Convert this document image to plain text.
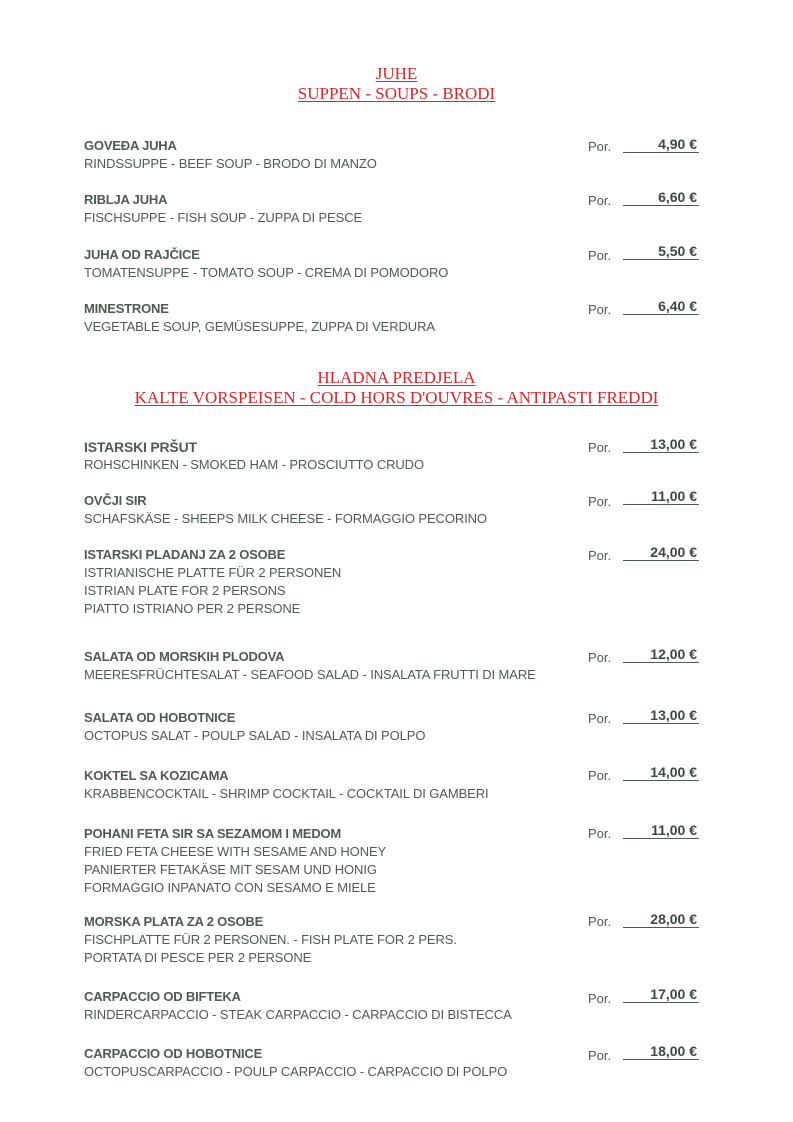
JUHE
SUPPEN - SOUPS - BRODI
GOVEĐA JUHA
RINDSSUPPE - BEEF SOUP - BRODO DI MANZO
Por.	4,90 €
RIBLJA JUHA
FISCHSUPPE - FISH SOUP - ZUPPA DI PESCE
Por.	6,60 €
JUHA OD RAJČICE
TOMATENSUPPE - TOMATO SOUP - CREMA DI POMODORO
Por.	5,50 €
MINESTRONE
VEGETABLE SOUP, GEMÜSESUPPE, ZUPPA DI VERDURA
Por.	6,40 €
HLADNA PREDJELA
KALTE VORSPEISEN - COLD HORS D'OUVRES - ANTIPASTI FREDDI
ISTARSKI PRŠUT
ROHSCHINKEN - SMOKED HAM - PROSCIUTTO CRUDO
Por.	13,00 €
OVČJI SIR
SCHAFSKÄSE - SHEEPS MILK CHEESE - FORMAGGIO PECORINO
Por.	11,00 €
ISTARSKI PLADANJ ZA 2 OSOBE
ISTRIANISCHE PLATTE FÜR 2 PERSONEN
ISTRIAN PLATE FOR 2 PERSONS
PIATTO ISTRIANO PER 2 PERSONE
Por.	24,00 €
SALATA OD MORSKIH PLODOVA
MEERESFRÜCHTESALAT - SEAFOOD SALAD - INSALATA FRUTTI DI MARE
Por.	12,00 €
SALATA OD HOBOTNICE
OCTOPUS SALAT - POULP SALAD - INSALATA DI POLPO
Por.	13,00 €
KOKTEL SA KOZICAMA
KRABBENCOCKTAIL - SHRIMP COCKTAIL - COCKTAIL DI GAMBERI
Por.	14,00 €
POHANI FETA SIR SA SEZAMOM I MEDOM
FRIED FETA CHEESE WITH SESAME AND HONEY
PANIERTER FETAKÄSE MIT SESAM UND HONIG
FORMAGGIO INPANATO CON SESAMO E MIELE
Por.	11,00 €
MORSKA PLATA ZA 2 OSOBE
FISCHPLATTE FÜR 2 PERSONEN. - FISH PLATE FOR 2 PERS.
PORTATA DI PESCE PER 2 PERSONE
Por.	28,00 €
CARPACCIO OD BIFTEKA
RINDERCARPACCIO - STEAK CARPACCIO - CARPACCIO DI BISTECCA
Por.	17,00 €
CARPACCIO OD HOBOTNICE
OCTOPUSCARPACCIO - POULP CARPACCIO - CARPACCIO DI POLPO
Por.	18,00 €
